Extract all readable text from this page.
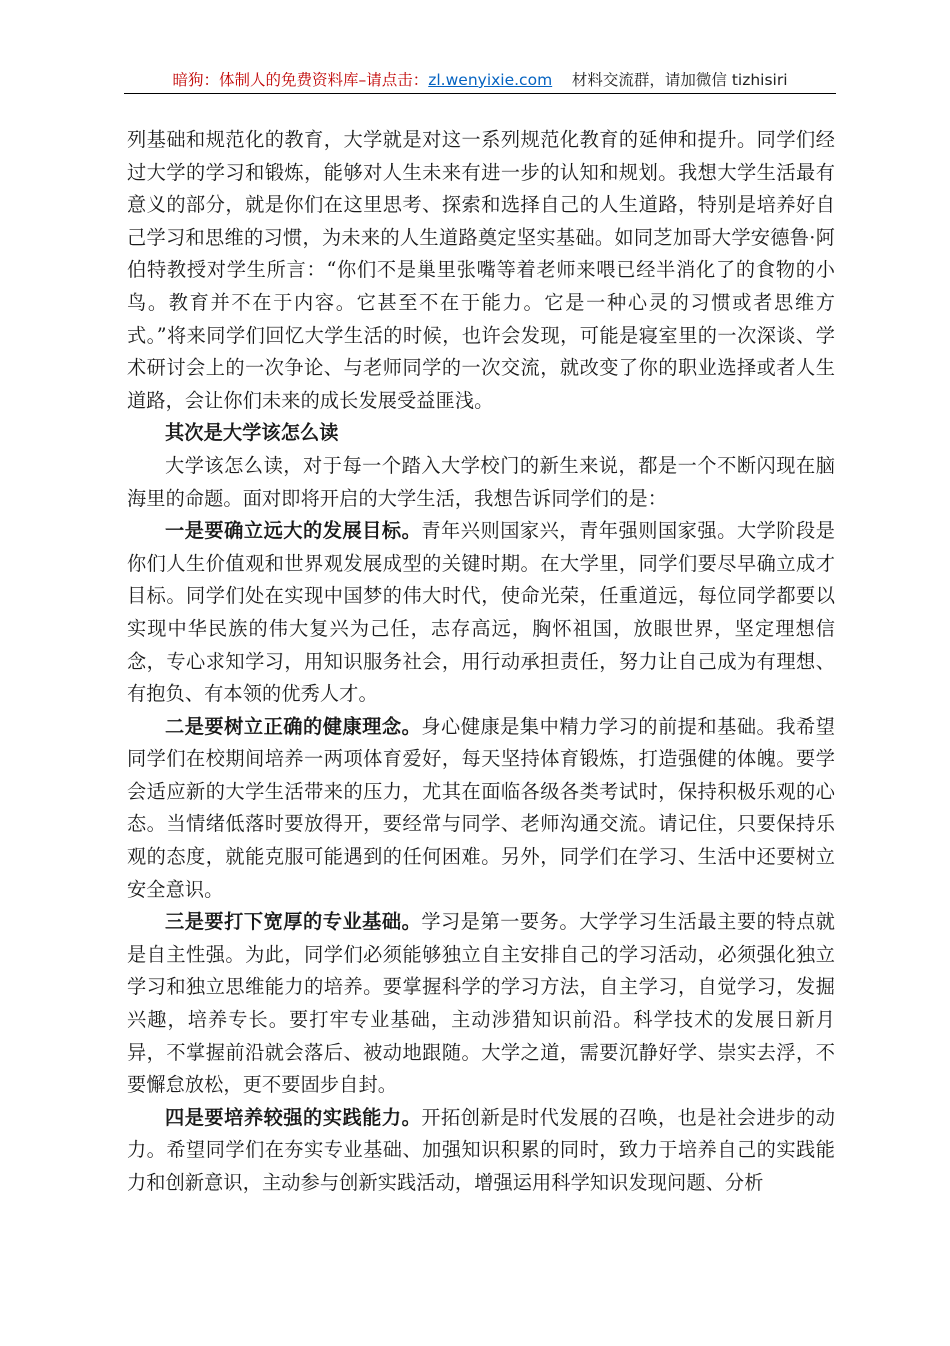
暗狗：体制人的免费资料库–请点击：zl.wenyixie.com 材料交流群，请加微信 tizhisiri

列基础和规范化的教育，大学就是对这一系列规范化教育的延伸和提升。同学们经过大学的学习和锻炼，能够对人生未来有进一步的认知和规划。我想大学生活最有意义的部分，就是你们在这里思考、探索和选择自己的人生道路，特别是培养好自己学习和思维的习惯，为未来的人生道路奠定坚实基础。如同芝加哥大学安德鲁·阿伯特教授对学生所言：“你们不是巢里张嘴等着老师来喂已经半消化了的食物的小鸟。教育并不在于内容。它甚至不在于能力。它是一种心灵的习惯或者思维方式。”将来同学们回忆大学生活的时候，也许会发现，可能是寝室里的一次深谈、学术研讨会上的一次争论、与老师同学的一次交流，就改变了你的职业选择或者人生道路，会让你们未来的成长发展受益匪浅。

其次是大学该怎么读

大学该怎么读，对于每一个踏入大学校门的新生来说，都是一个不断闪现在脑海里的命题。面对即将开启的大学生活，我想告诉同学们的是：

一是要确立远大的发展目标。青年兴则国家兴，青年强则国家强。大学阶段是你们人生价值观和世界观发展成型的关键时期。在大学里，同学们要尽早确立成才目标。同学们处在实现中国梦的伟大时代，使命光荣，任重道远，每位同学都要以实现中华民族的伟大复兴为己任，志存高远，胸怀祖国，放眼世界，坚定理想信念，专心求知学习，用知识服务社会，用行动承担责任，努力让自己成为有理想、有抱负、有本领的优秀人才。

二是要树立正确的健康理念。身心健康是集中精力学习的前提和基础。我希望同学们在校期间培养一两项体育爱好，每天坚持体育锻炼，打造强健的体魄。要学会适应新的大学生活带来的压力，尤其在面临各级各类考试时，保持积极乐观的心态。当情绪低落时要放得开，要经常与同学、老师沟通交流。请记住，只要保持乐观的态度，就能克服可能遇到的任何困难。另外，同学们在学习、生活中还要树立安全意识。

三是要打下宽厚的专业基础。学习是第一要务。大学学习生活最主要的特点就是自主性强。为此，同学们必须能够独立自主安排自己的学习活动，必须强化独立学习和独立思维能力的培养。要掌握科学的学习方法，自主学习，自觉学习，发掘兴趣，培养专长。要打牢专业基础，主动涉猎知识前沿。科学技术的发展日新月异，不掌握前沿就会落后、被动地跟随。大学之道，需要沉静好学、崇实去浮，不要懈怠放松，更不要固步自封。

四是要培养较强的实践能力。开拓创新是时代发展的召唤，也是社会进步的动力。希望同学们在夯实专业基础、加强知识积累的同时，致力于培养自己的实践能力和创新意识，主动参与创新实践活动，增强运用科学知识发现问题、分析
